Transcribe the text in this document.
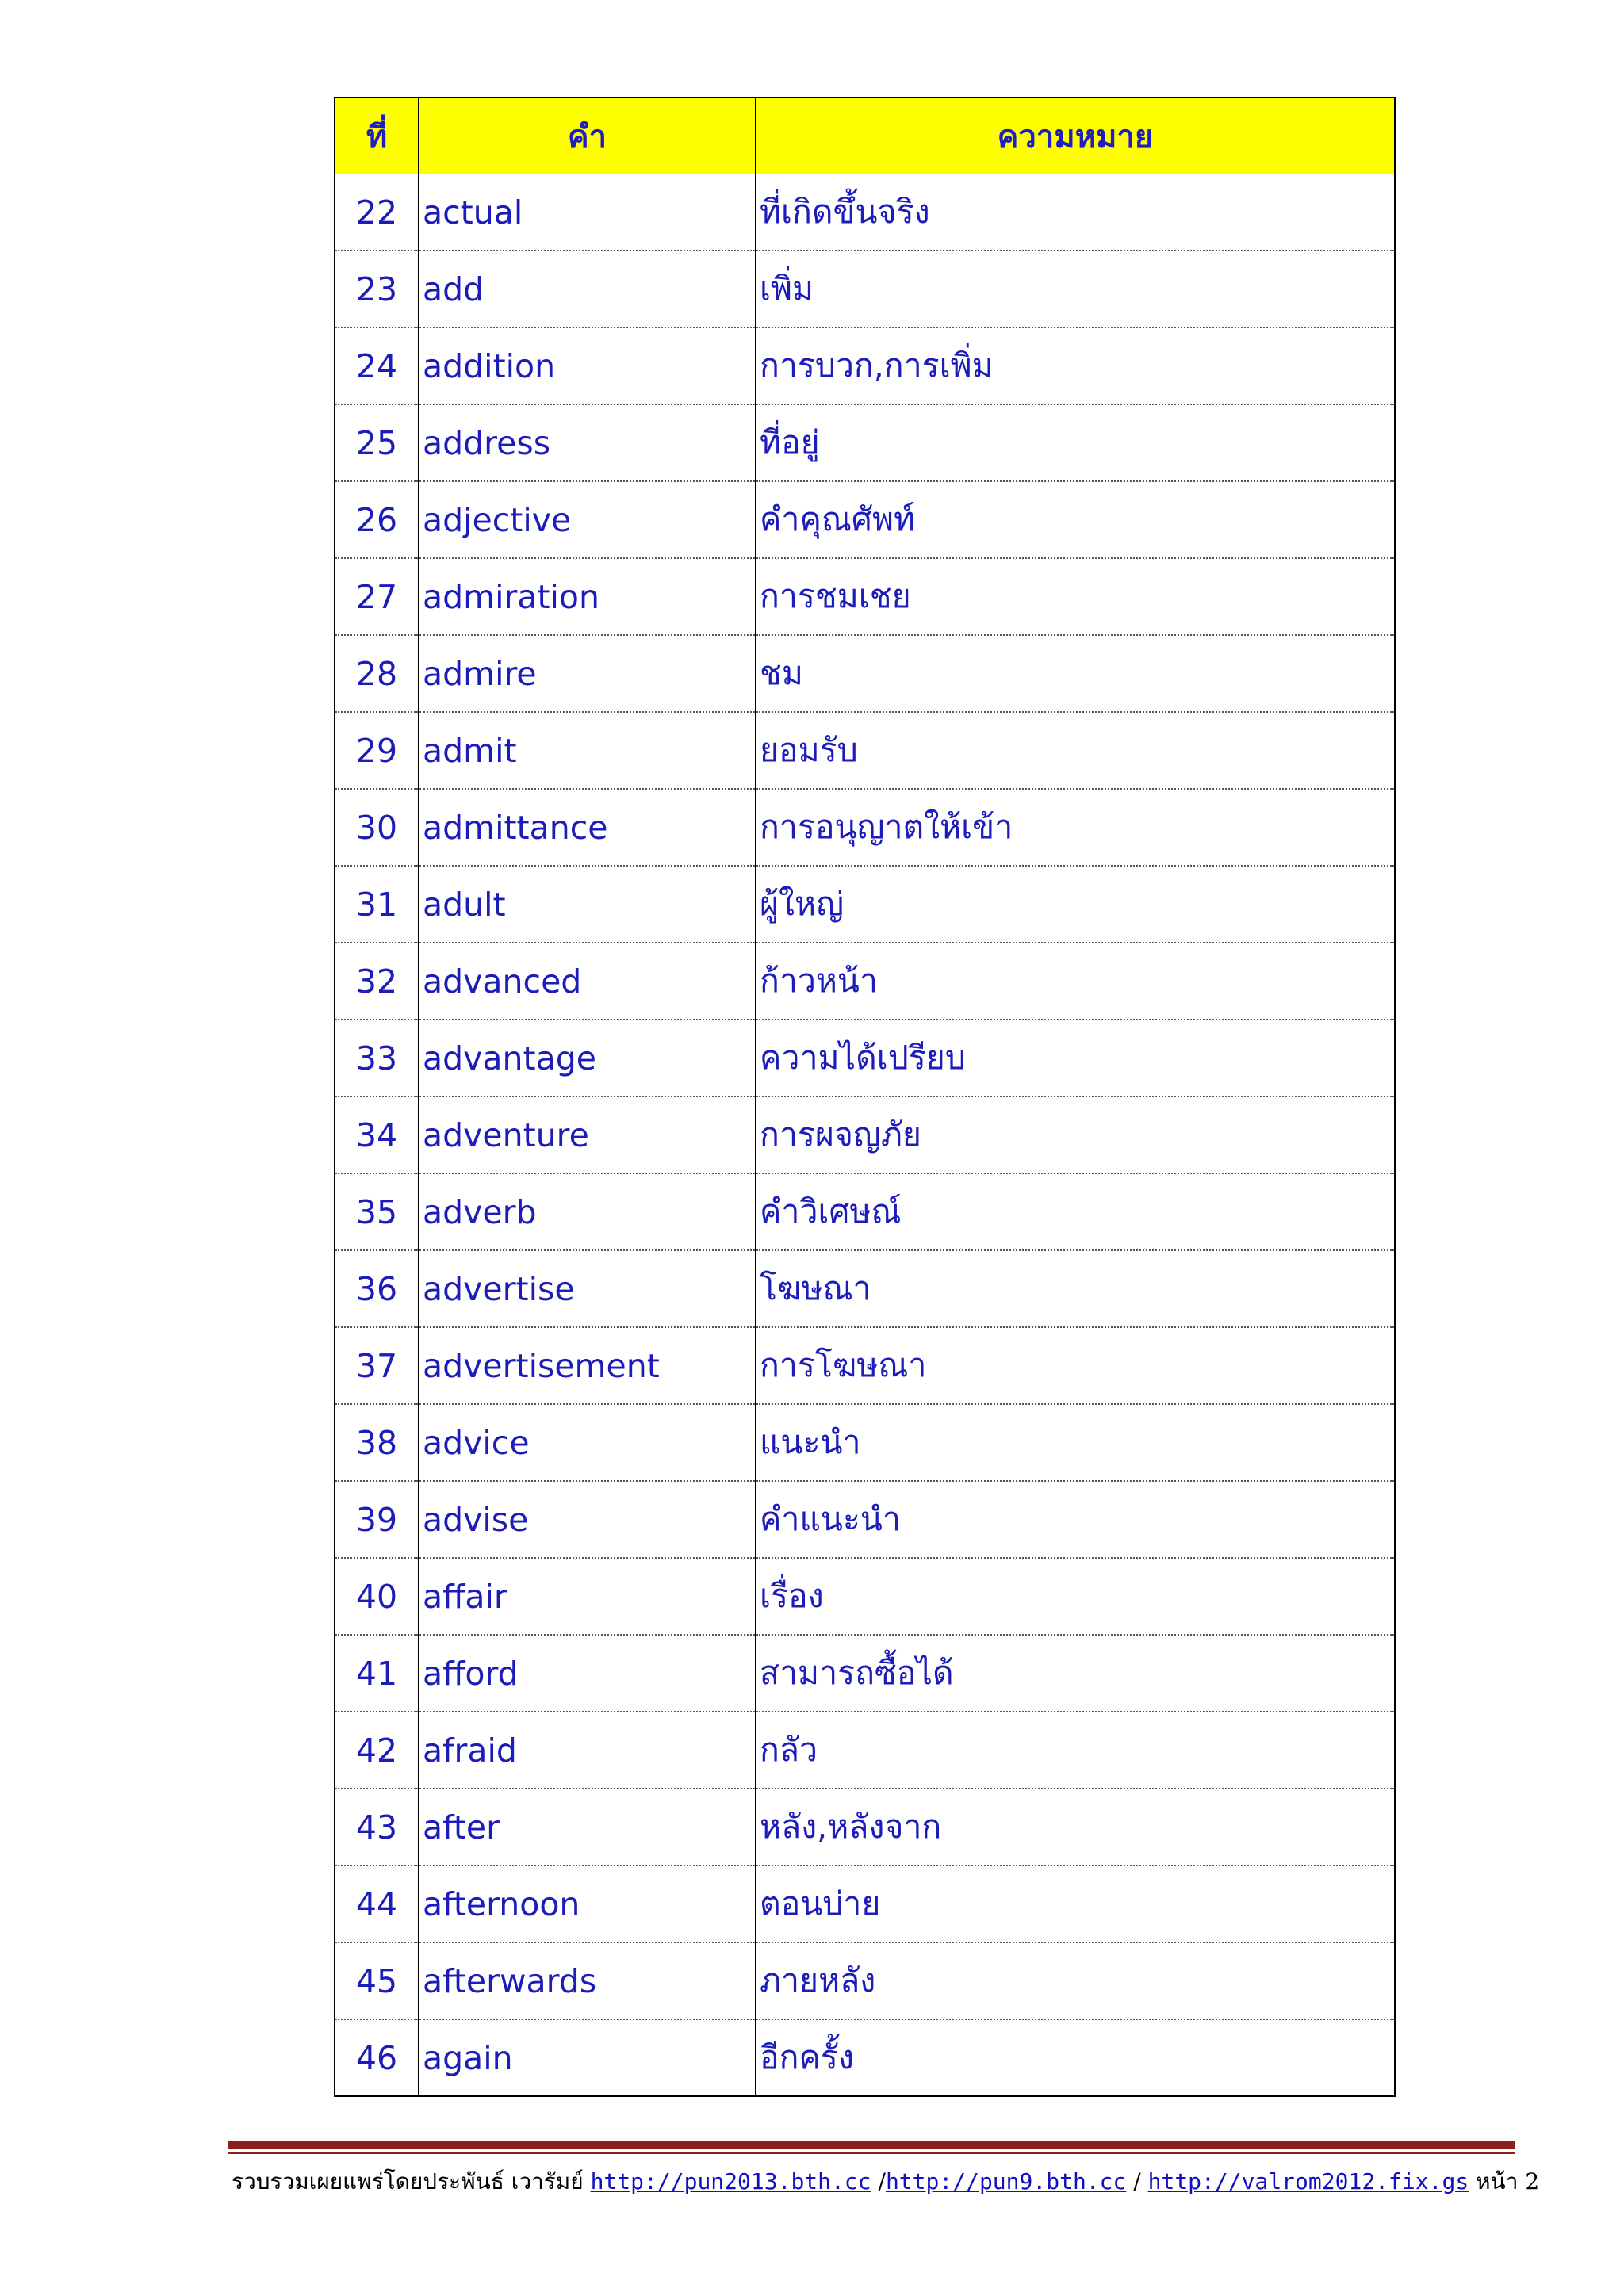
ที่	คำ	ความหมาย
22	actual	ที่เกิดขึ้นจริง
23	add	เพิ่ม
24	addition	การบวก,การเพิ่ม
25	address	ที่อยู่
26	adjective	คำคุณศัพท์
27	admiration	การชมเชย
28	admire	ชม
29	admit	ยอมรับ
30	admittance	การอนุญาตให้เข้า
31	adult	ผู้ใหญ่
32	advanced	ก้าวหน้า
33	advantage	ความได้เปรียบ
34	adventure	การผจญภัย
35	adverb	คำวิเศษณ์
36	advertise	โฆษณา
37	advertisement	การโฆษณา
38	advice	แนะนำ
39	advise	คำแนะนำ
40	affair	เรื่อง
41	afford	สามารถซื้อได้
42	afraid	กลัว
43	after	หลัง,หลังจาก
44	afternoon	ตอนบ่าย
45	afterwards	ภายหลัง
46	again	อีกครั้ง
รวบรวมเผยแพร่โดยประพันธ์ เวารัมย์ http://pun2013.bth.cc /http://pun9.bth.cc / http://valrom2012.fix.gs หน้า 2
